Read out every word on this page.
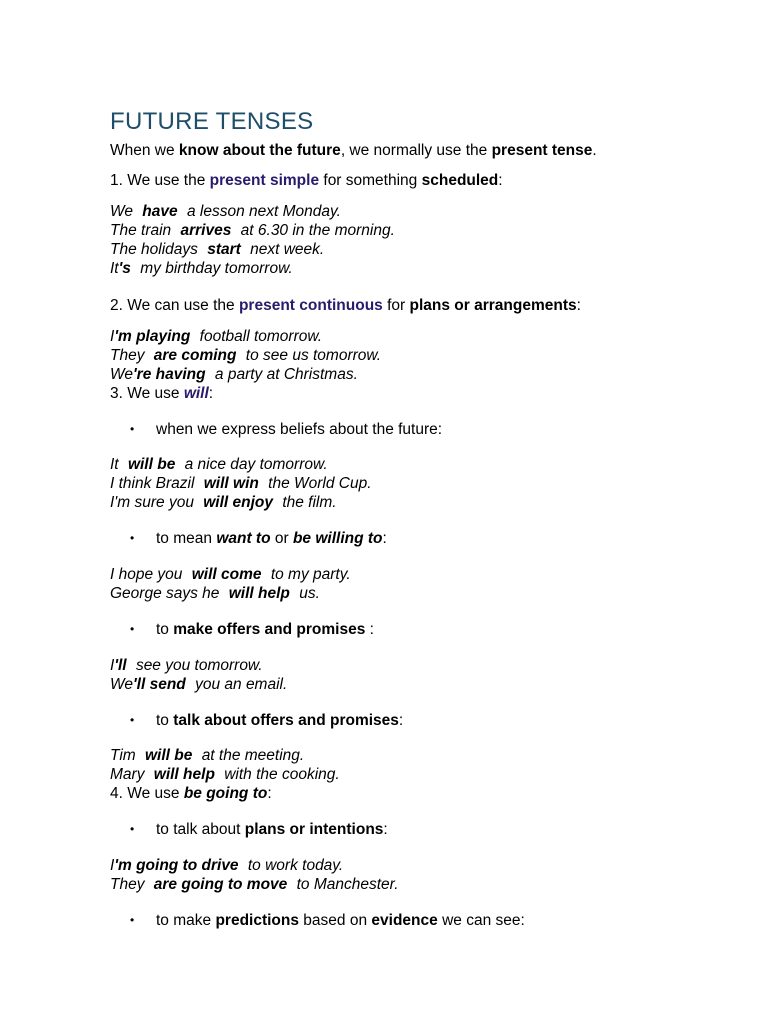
FUTURE TENSES

When we know about the future, we normally use the present tense.

1. We use the present simple for something scheduled:

We have a lesson next Monday.
The train arrives at 6.30 in the morning.
The holidays start next week.
It's my birthday tomorrow.

2. We can use the present continuous for plans or arrangements:

I'm playing football tomorrow.
They are coming to see us tomorrow.
We're having a party at Christmas.

3. We use will:

• when we express beliefs about the future:
It will be a nice day tomorrow.
I think Brazil will win the World Cup.
I'm sure you will enjoy the film.
• to mean want to or be willing to:
I hope you will come to my party.
George says he will help us.
• to make offers and promises :
I'll see you tomorrow.
We'll send you an email.
• to talk about offers and promises:
Tim will be at the meeting.
Mary will help with the cooking.

4. We use be going to:

• to talk about plans or intentions:
I'm going to drive to work today.
They are going to move to Manchester.
• to make predictions based on evidence we can see:
